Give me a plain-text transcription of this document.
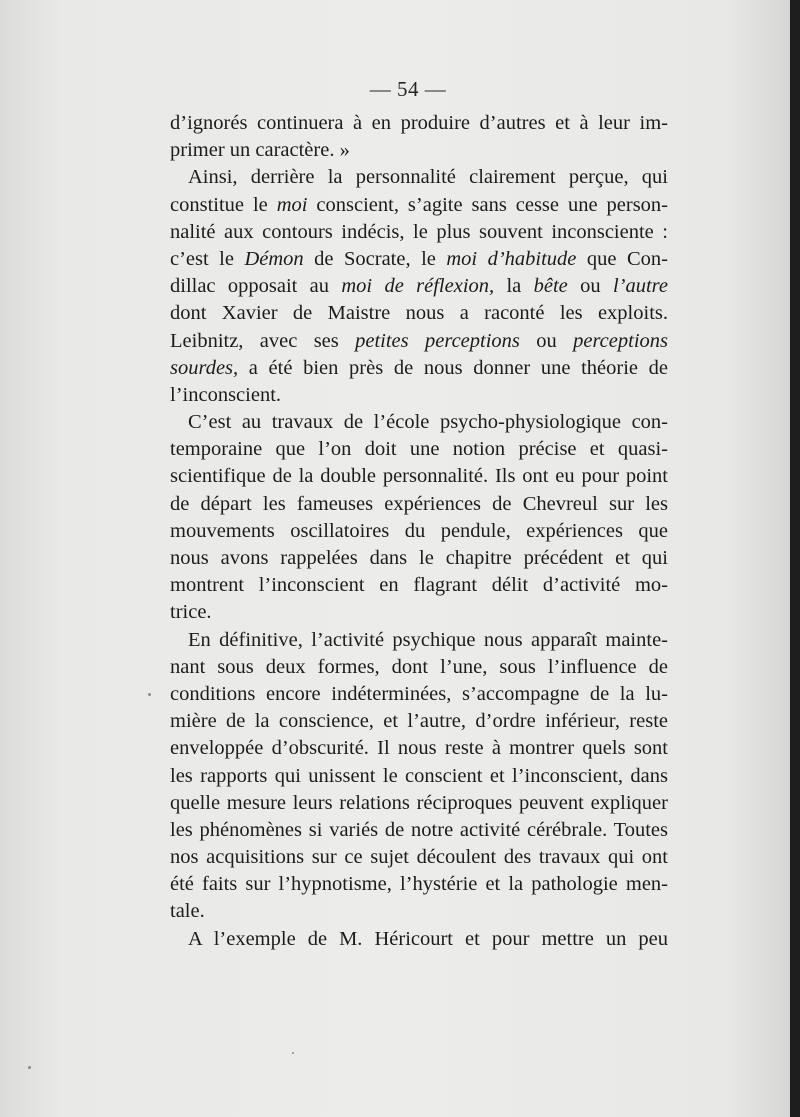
— 54 —
d’ignorés continuera à en produire d’autres et à leur im-
primer un caractère. »
Ainsi, derrière la personnalité clairement perçue, qui
constitue le moi conscient, s’agite sans cesse une person-
nalité aux contours indécis, le plus souvent inconsciente :
c’est le Démon de Socrate, le moi d’habitude que Con-
dillac opposait au moi de réflexion, la bête ou l’autre
dont Xavier de Maistre nous a raconté les exploits.
Leibnitz, avec ses petites perceptions ou perceptions
sourdes, a été bien près de nous donner une théorie de
l’inconscient.
C’est au travaux de l’école psycho-physiologique con-
temporaine que l’on doit une notion précise et quasi-
scientifique de la double personnalité. Ils ont eu pour point
de départ les fameuses expériences de Chevreul sur les
mouvements oscillatoires du pendule, expériences que
nous avons rappelées dans le chapitre précédent et qui
montrent l’inconscient en flagrant délit d’activité mo-
trice.
En définitive, l’activité psychique nous apparaît mainte-
nant sous deux formes, dont l’une, sous l’influence de
conditions encore indéterminées, s’accompagne de la lu-
mière de la conscience, et l’autre, d’ordre inférieur, reste
enveloppée d’obscurité. Il nous reste à montrer quels sont
les rapports qui unissent le conscient et l’inconscient, dans
quelle mesure leurs relations réciproques peuvent expliquer
les phénomènes si variés de notre activité cérébrale. Toutes
nos acquisitions sur ce sujet découlent des travaux qui ont
été faits sur l’hypnotisme, l’hystérie et la pathologie men-
tale.
A l’exemple de M. Héricourt et pour mettre un peu
